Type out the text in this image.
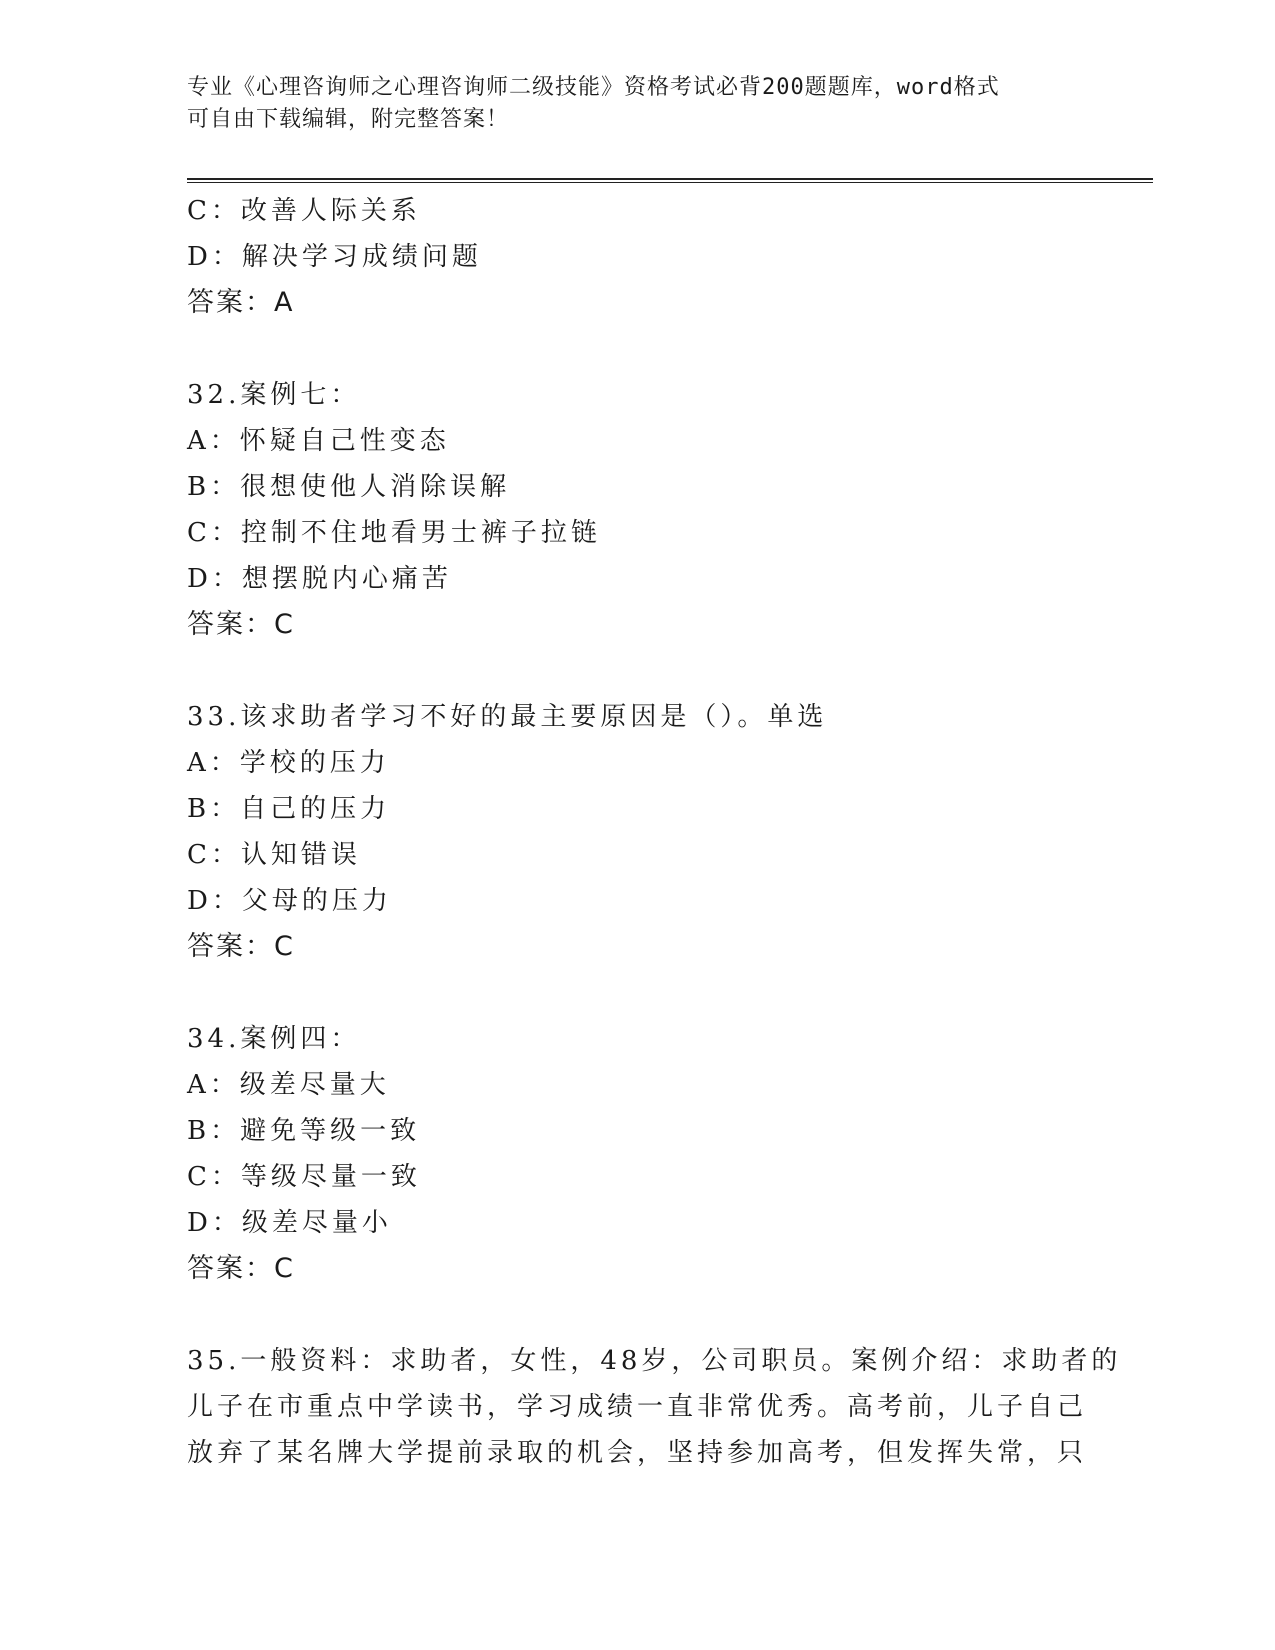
专业《心理咨询师之心理咨询师二级技能》资格考试必背200题题库，word格式
可自由下载编辑，附完整答案！
C：改善人际关系
D：解决学习成绩问题
答案：A
32.案例七：
A：怀疑自己性变态
B：很想使他人消除误解
C：控制不住地看男士裤子拉链
D：想摆脱内心痛苦
答案：C
33.该求助者学习不好的最主要原因是（）。单选
A：学校的压力
B：自己的压力
C：认知错误
D：父母的压力
答案：C
34.案例四：
A：级差尽量大
B：避免等级一致
C：等级尽量一致
D：级差尽量小
答案：C
35.一般资料：求助者，女性，48岁，公司职员。案例介绍：求助者的
儿子在市重点中学读书，学习成绩一直非常优秀。高考前，儿子自己
放弃了某名牌大学提前录取的机会，坚持参加高考，但发挥失常，只
